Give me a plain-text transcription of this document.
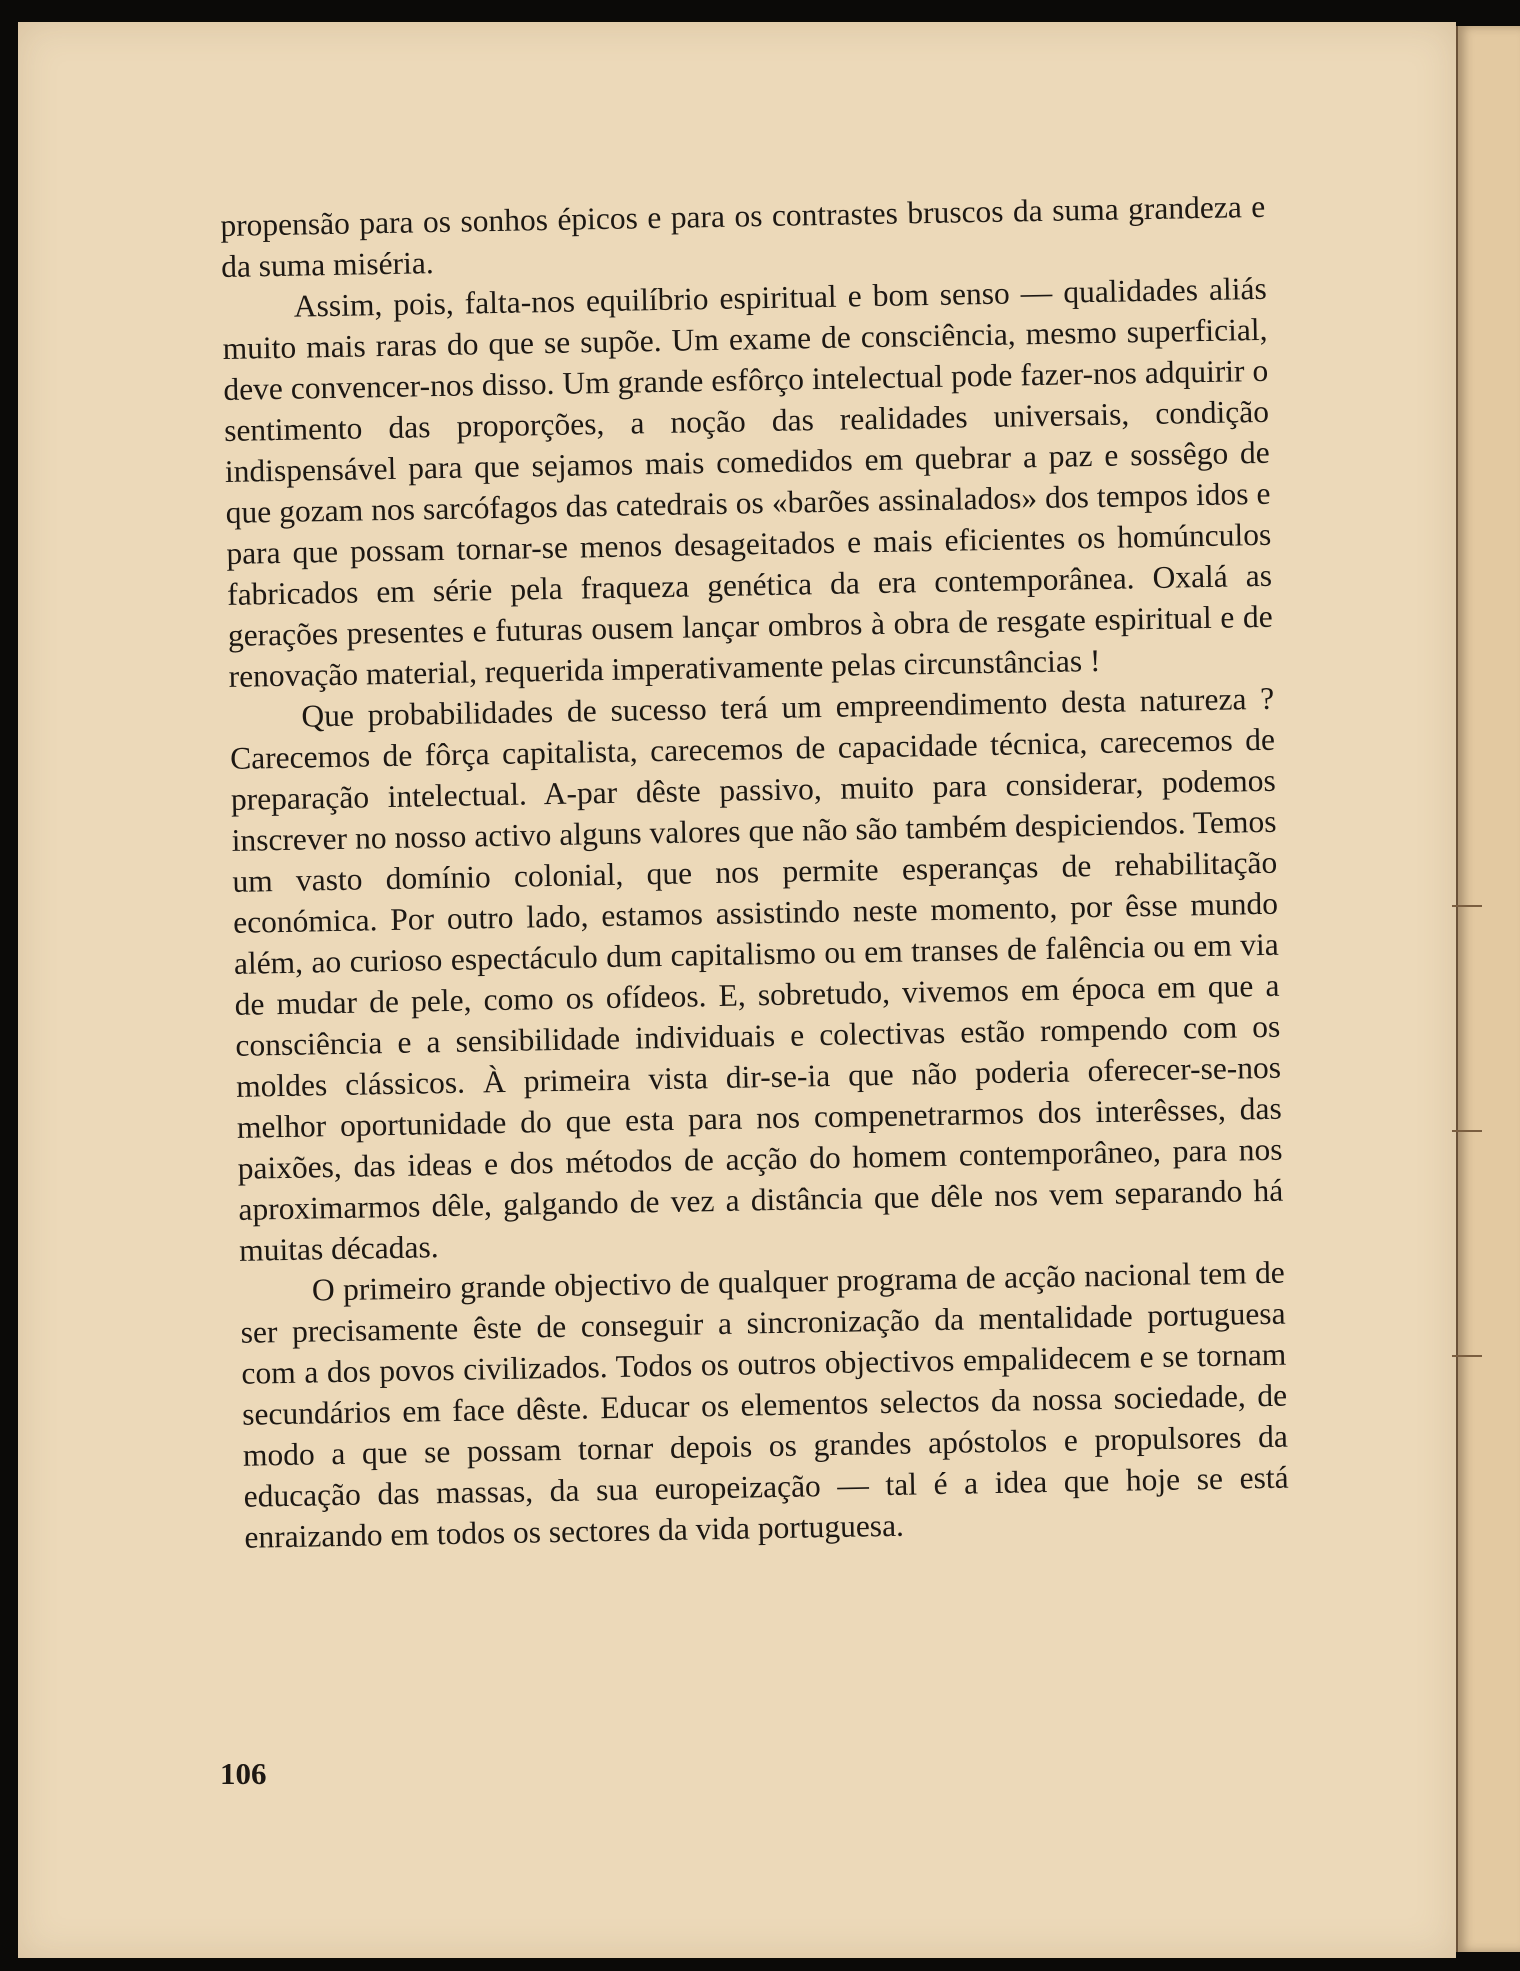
propensão para os sonhos épicos e para os contrastes bruscos da suma grandeza e da suma miséria.

Assim, pois, falta-nos equilíbrio espiritual e bom senso — qualidades aliás muito mais raras do que se supõe. Um exame de consciência, mesmo superficial, deve convencer-nos disso. Um grande esfôrço intelectual pode fazer-nos adquirir o sentimento das proporções, a noção das realidades universais, condição indispensável para que sejamos mais comedidos em quebrar a paz e sossêgo de que gozam nos sarcófagos das catedrais os «barões assinalados» dos tempos idos e para que possam tornar-se menos desageitados e mais eficientes os homúnculos fabricados em série pela fraqueza genética da era contemporânea. Oxalá as gerações presentes e futuras ousem lançar ombros à obra de resgate espiritual e de renovação material, requerida imperativamente pelas circunstâncias !

Que probabilidades de sucesso terá um empreendimento desta natureza ? Carecemos de fôrça capitalista, carecemos de capacidade técnica, carecemos de preparação intelectual. A-par dêste passivo, muito para considerar, podemos inscrever no nosso activo alguns valores que não são também despiciendos. Temos um vasto domínio colonial, que nos permite esperanças de rehabilitação económica. Por outro lado, estamos assistindo neste momento, por êsse mundo além, ao curioso espectáculo dum capitalismo ou em transes de falência ou em via de mudar de pele, como os ofídeos. E, sobretudo, vivemos em época em que a consciência e a sensibilidade individuais e colectivas estão rompendo com os moldes clássicos. À primeira vista dir-se-ia que não poderia oferecer-se-nos melhor oportunidade do que esta para nos compenetrarmos dos interêsses, das paixões, das ideas e dos métodos de acção do homem contemporâneo, para nos aproximarmos dêle, galgando de vez a distância que dêle nos vem separando há muitas décadas.

O primeiro grande objectivo de qualquer programa de acção nacional tem de ser precisamente êste de conseguir a sincronização da mentalidade portuguesa com a dos povos civilizados. Todos os outros objectivos empalidecem e se tornam secundários em face dêste. Educar os elementos selectos da nossa sociedade, de modo a que se possam tornar depois os grandes apóstolos e propulsores da educação das massas, da sua europeização — tal é a idea que hoje se está enraizando em todos os sectores da vida portuguesa.

106
